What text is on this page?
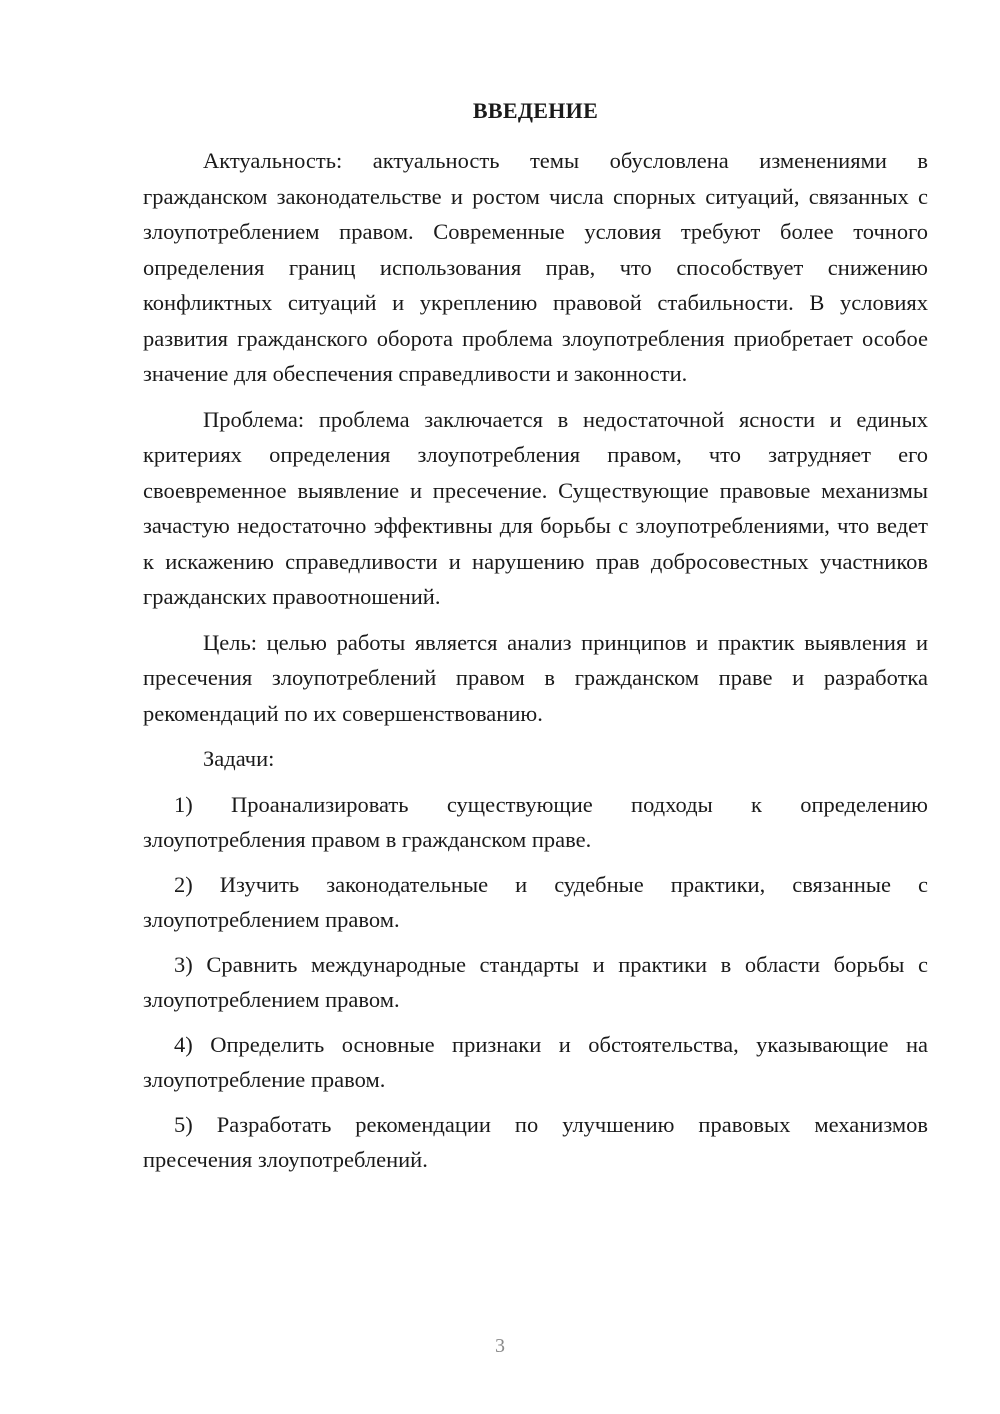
ВВЕДЕНИЕ

Актуальность: актуальность темы обусловлена изменениями в гражданском законодательстве и ростом числа спорных ситуаций, связанных с злоупотреблением правом. Современные условия требуют более точного определения границ использования прав, что способствует снижению конфликтных ситуаций и укреплению правовой стабильности. В условиях развития гражданского оборота проблема злоупотребления приобретает особое значение для обеспечения справедливости и законности.

Проблема: проблема заключается в недостаточной ясности и единых критериях определения злоупотребления правом, что затрудняет его своевременное выявление и пресечение. Существующие правовые механизмы зачастую недостаточно эффективны для борьбы с злоупотреблениями, что ведет к искажению справедливости и нарушению прав добросовестных участников гражданских правоотношений.

Цель: целью работы является анализ принципов и практик выявления и пресечения злоупотреблений правом в гражданском праве и разработка рекомендаций по их совершенствованию.

Задачи:

1) Проанализировать существующие подходы к определению злоупотребления правом в гражданском праве.

2) Изучить законодательные и судебные практики, связанные с злоупотреблением правом.

3) Сравнить международные стандарты и практики в области борьбы с злоупотреблением правом.

4) Определить основные признаки и обстоятельства, указывающие на злоупотребление правом.

5) Разработать рекомендации по улучшению правовых механизмов пресечения злоупотреблений.

3
